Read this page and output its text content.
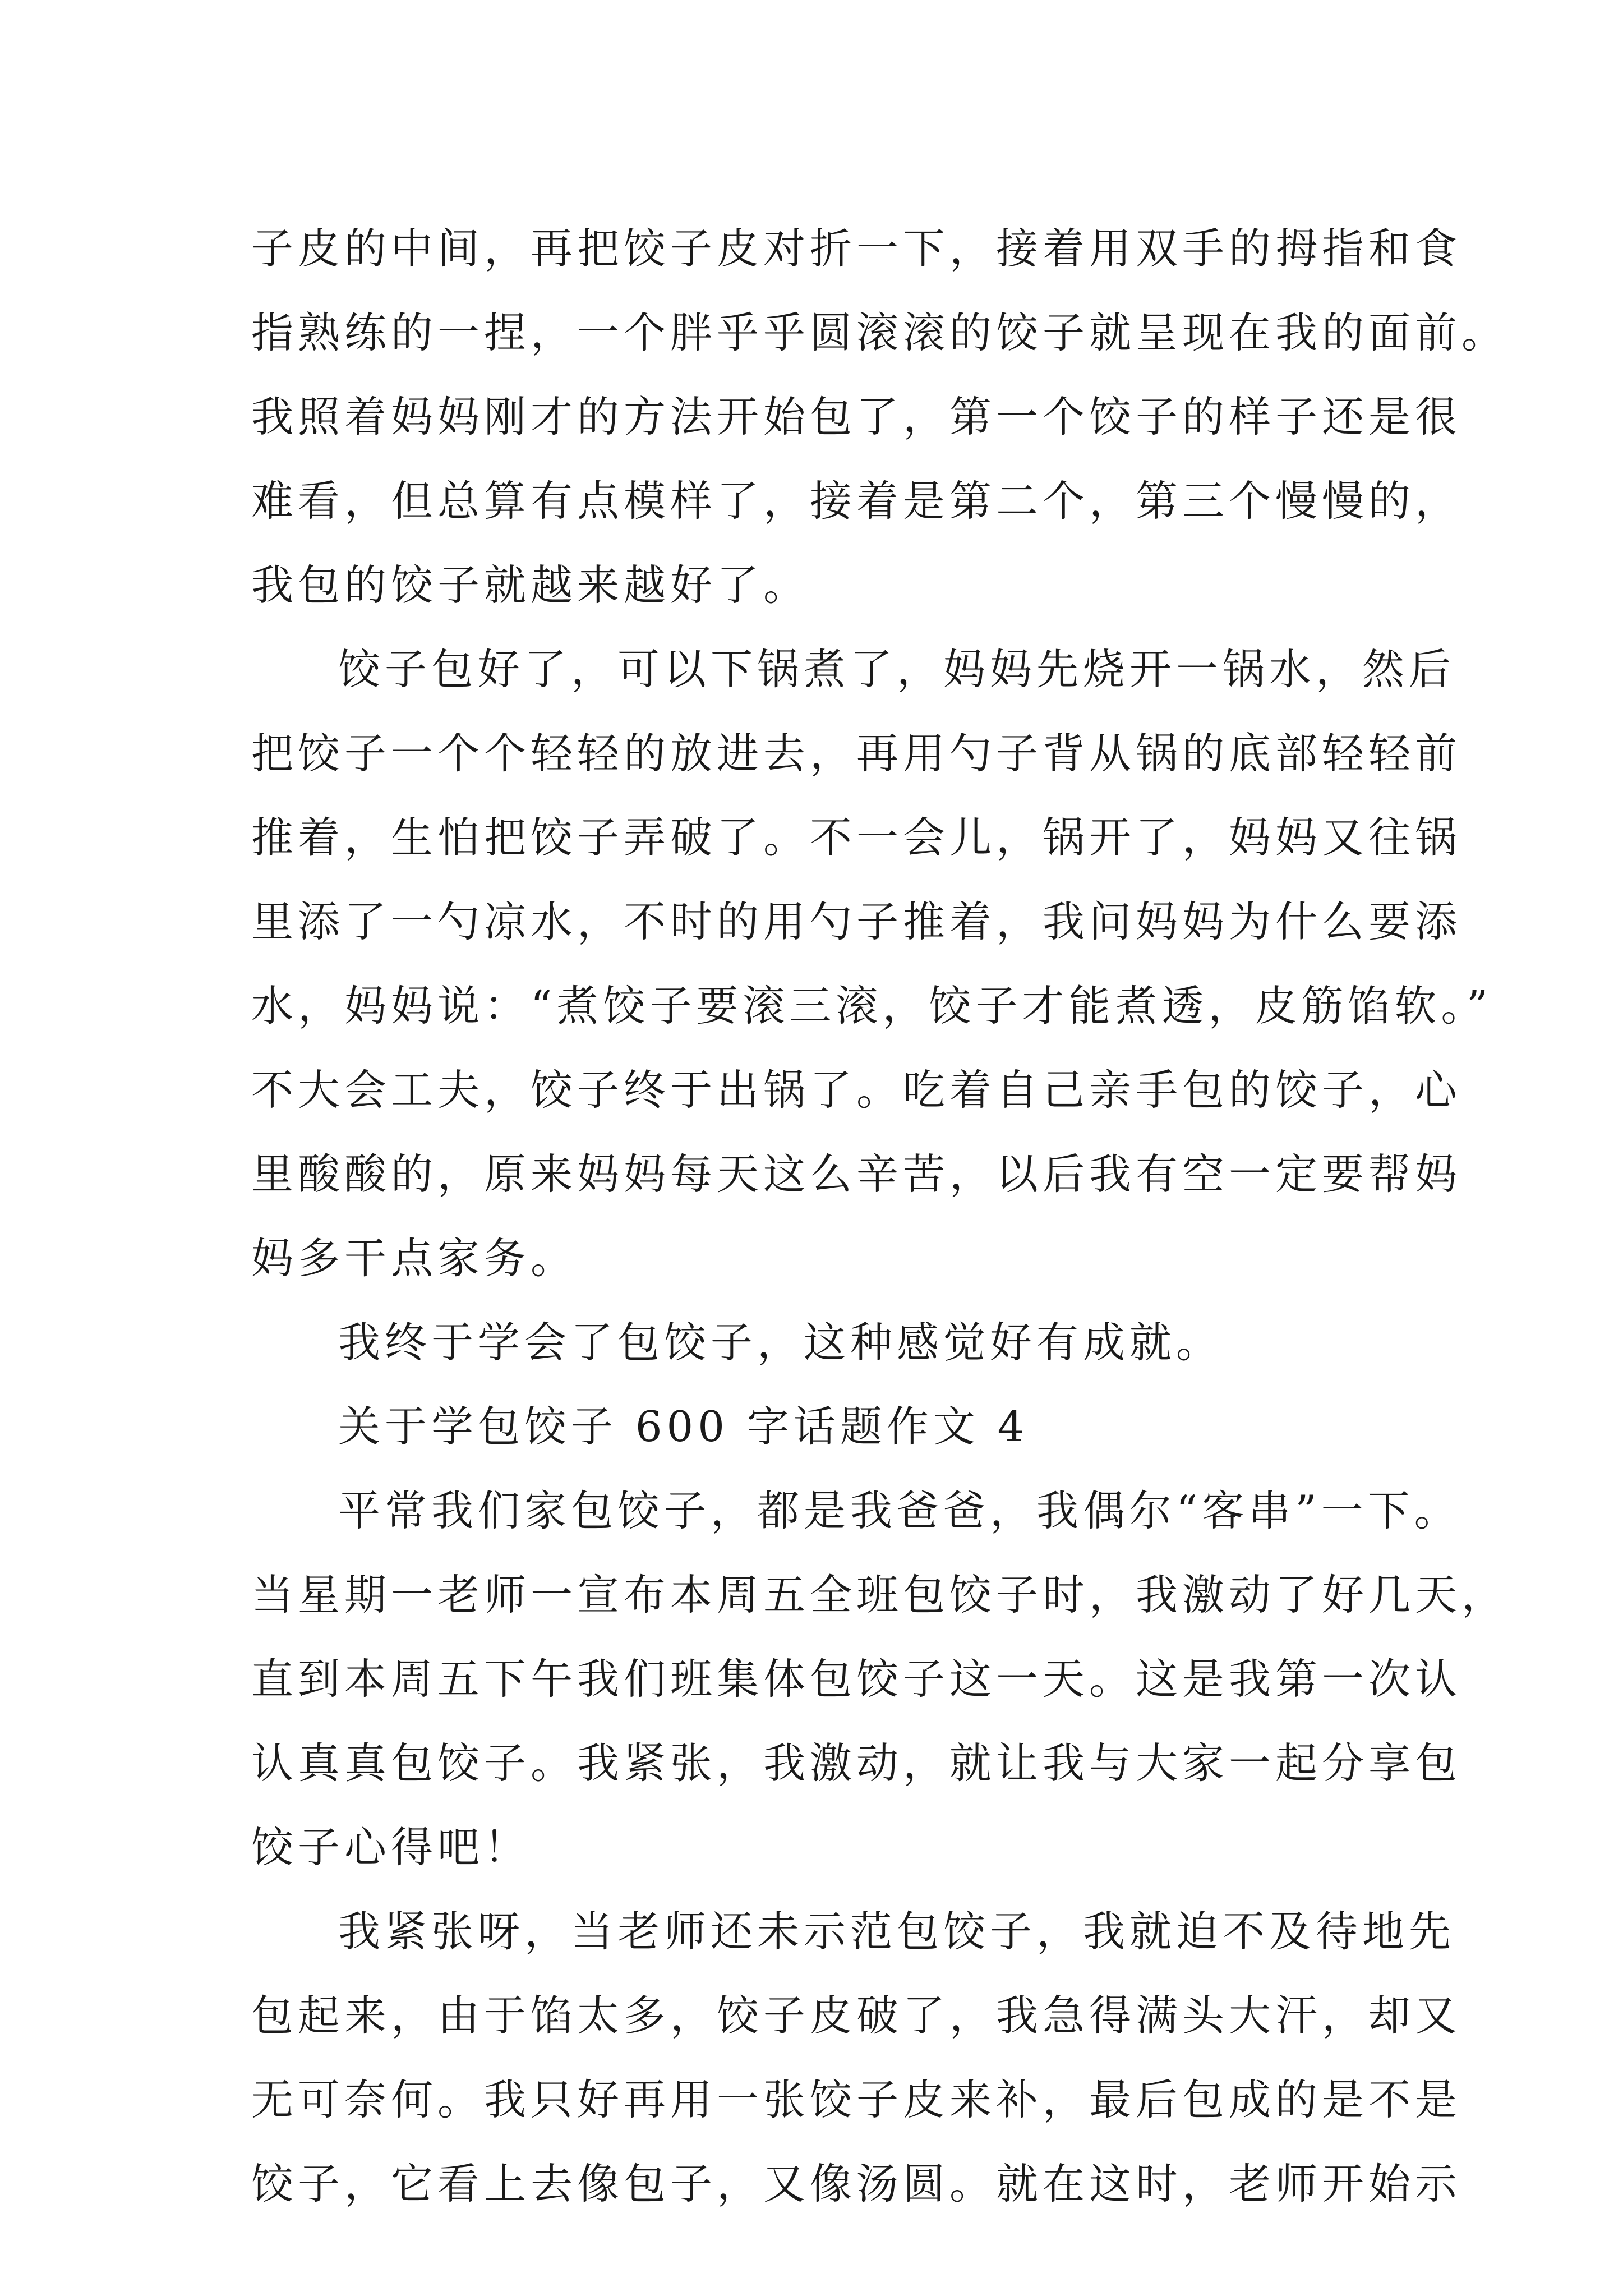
子皮的中间，再把饺子皮对折一下，接着用双手的拇指和食
指熟练的一捏，一个胖乎乎圆滚滚的饺子就呈现在我的面前。
我照着妈妈刚才的方法开始包了，第一个饺子的样子还是很
难看，但总算有点模样了，接着是第二个，第三个慢慢的，
我包的饺子就越来越好了。
饺子包好了，可以下锅煮了，妈妈先烧开一锅水，然后
把饺子一个个轻轻的放进去，再用勺子背从锅的底部轻轻前
推着，生怕把饺子弄破了。不一会儿，锅开了，妈妈又往锅
里添了一勺凉水，不时的用勺子推着，我问妈妈为什么要添
水，妈妈说：“煮饺子要滚三滚，饺子才能煮透，皮筋馅软。”
不大会工夫，饺子终于出锅了。吃着自己亲手包的饺子，心
里酸酸的，原来妈妈每天这么辛苦，以后我有空一定要帮妈
妈多干点家务。
我终于学会了包饺子，这种感觉好有成就。
关于学包饺子 600 字话题作文 4
平常我们家包饺子，都是我爸爸，我偶尔“客串”一下。
当星期一老师一宣布本周五全班包饺子时，我激动了好几天，
直到本周五下午我们班集体包饺子这一天。这是我第一次认
认真真包饺子。我紧张，我激动，就让我与大家一起分享包
饺子心得吧！
我紧张呀，当老师还未示范包饺子，我就迫不及待地先
包起来，由于馅太多，饺子皮破了，我急得满头大汗，却又
无可奈何。我只好再用一张饺子皮来补，最后包成的是不是
饺子，它看上去像包子，又像汤圆。就在这时，老师开始示
